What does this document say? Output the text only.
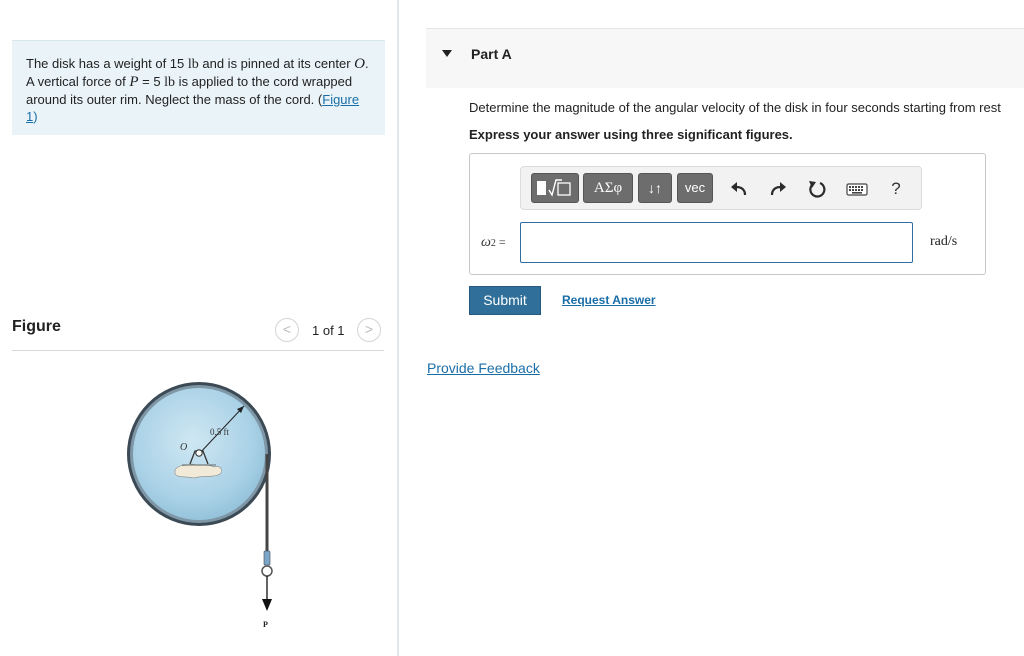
The disk has a weight of 15 lb and is pinned at its center O. A vertical force of P = 5 lb is applied to the cord wrapped around its outer rim. Neglect the mass of the cord. (Figure 1)
Figure	<	1 of 1	>
0.5 ft
O
P
Part A
Determine the magnitude of the angular velocity of the disk in four seconds starting from rest
Express your answer using three significant figures.
ΑΣφ	↓↑	vec	?
ω2 =	rad/s
Submit	Request Answer
Provide Feedback
